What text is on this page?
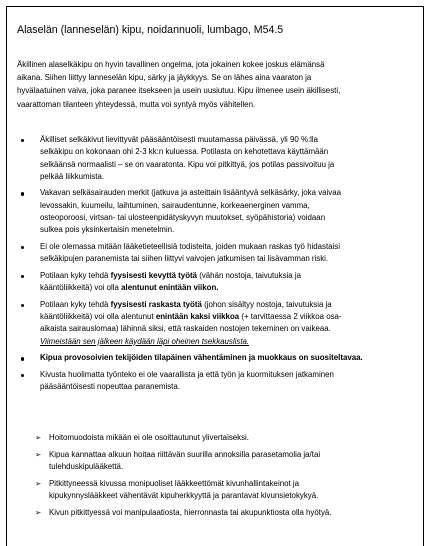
Alaselän (lanneselän) kipu, noidannuoli, lumbago, M54.5

Äkillinen alaselkäkipu on hyvin tavallinen ongelma, jota jokainen kokee joskus elämänsä

aikana. Siihen liittyy lanneselän kipu, särky ja jäykkyys. Se on lähes aina vaaraton ja

hyvälaatuinen vaiva, joka paranee itsekseen ja usein uusiutuu. Kipu ilmenee usein äkillisesti,

vaarattoman tilanteen yhteydessä, mutta voi syntyä myös vähitellen.

Äkilliset selkäkivut lievittyvät pääsääntöisesti muutamassa päivässä, yli 90 %:lla
selkäkipu on kokonaan ohi 2-3 kk:n kuluessa. Potilasta on kehotettava käyttämään
selkäänsä normaalisti – se on vaaratonta. Kipu voi pitkittyä, jos potilas passivoituu ja
pelkää liikkumista.
Vakavan selkäsairauden merkit (jatkuva ja asteittain lisääntyvä selkäsärky, joka vaivaa
levossakin, kuumeilu, laihtuminen, sairaudentunne, korkeaenerginen vamma,
osteoporoosi, virtsan- tai ulosteenpidätyskyvyn muutokset, syöpähistoria) voidaan
sulkea pois yksinkertaisin menetelmin.
Ei ole olemassa mitään lääketieteellisiä todisteita, joiden mukaan raskas työ hidastaisi
selkäkipujen paranemista tai siihen liittyvi vaivojen jatkumisen tai lisävamman riski.
Potilaan kyky tehdä fyysisesti kevyttä työtä (vähän nostoja, taivutuksia ja
kääntöliikkeitä) voi olla alentunut enintään viikon.
Potilaan kyky tehdä fyysisesti raskasta työtä (johon sisältyy nostoja, taivutuksia ja
kääntöliikkeitä) voi olla alentunut enintään kaksi viikkoa (+ tarvittaessa 2 viikkoa osa-
aikaista sairauslomaa) lähinnä siksi, että raskaiden nostojen tekeminen on vaikeaa.
Viimeistään sen jälkeen käydään läpi oheinen tsekkauslista.
Kipua provosoivien tekijöiden tilapäinen vähentäminen ja muokkaus on suositeltavaa.
Kivusta huolimatta työnteko ei ole vaarallista ja että työn ja kuormituksen jatkaminen
pääsääntöisesti nopeuttaa paranemista.
➢ Hoitomuodoista mikään ei ole osoittautunut ylivertaiseksi.
➢ Kipua kannattaa alkuun hoitaa riittävän suurilla annoksilla parasetamolia ja/tai
tulehduskipulääkettä.
➢ Pitkittyneessä kivussa monipuoliset lääkkeettömät kivunhallintakeinot ja
kipukynnyslääkkeet vähentävät kipuherkkyyttä ja parantavat kivunsietokykyä.
➢ Kivun pitkittyessä voi manipulaatiosta, hierronnasta tai akupunktiosta olla hyötyä.
